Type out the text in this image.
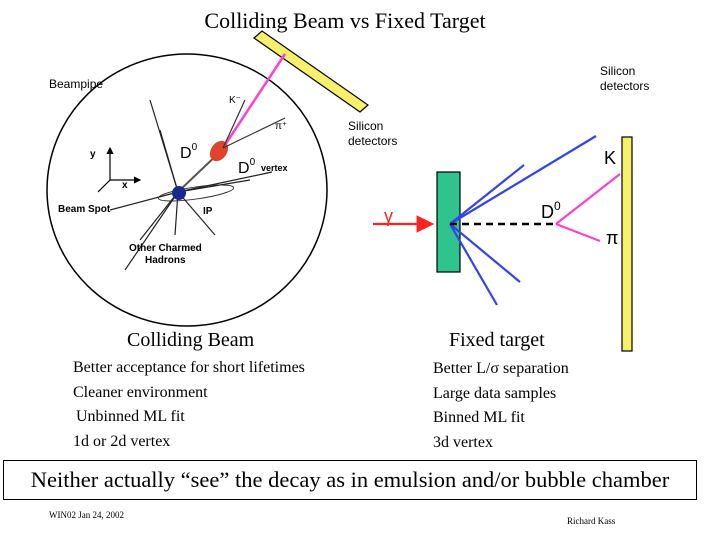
Colliding Beam vs Fixed Target
K⁻
π⁺
$D^0$
$D^0$ vertex
y
x
Beam Spot	IP
Other Charmed
Hadrons
γ
K
$D^0$
π
Beampipe
Silicon
detectors
Silicon
detectors
Colliding Beam	Fixed target
Better acceptance for short lifetimes
Cleaner environment
Unbinned ML fit
1d or 2d vertex
Better L/σ separation
Large data samples
Binned ML fit
3d vertex
Neither actually “see” the decay as in emulsion and/or bubble chamber
WIN02 Jan 24, 2002
Richard Kass
